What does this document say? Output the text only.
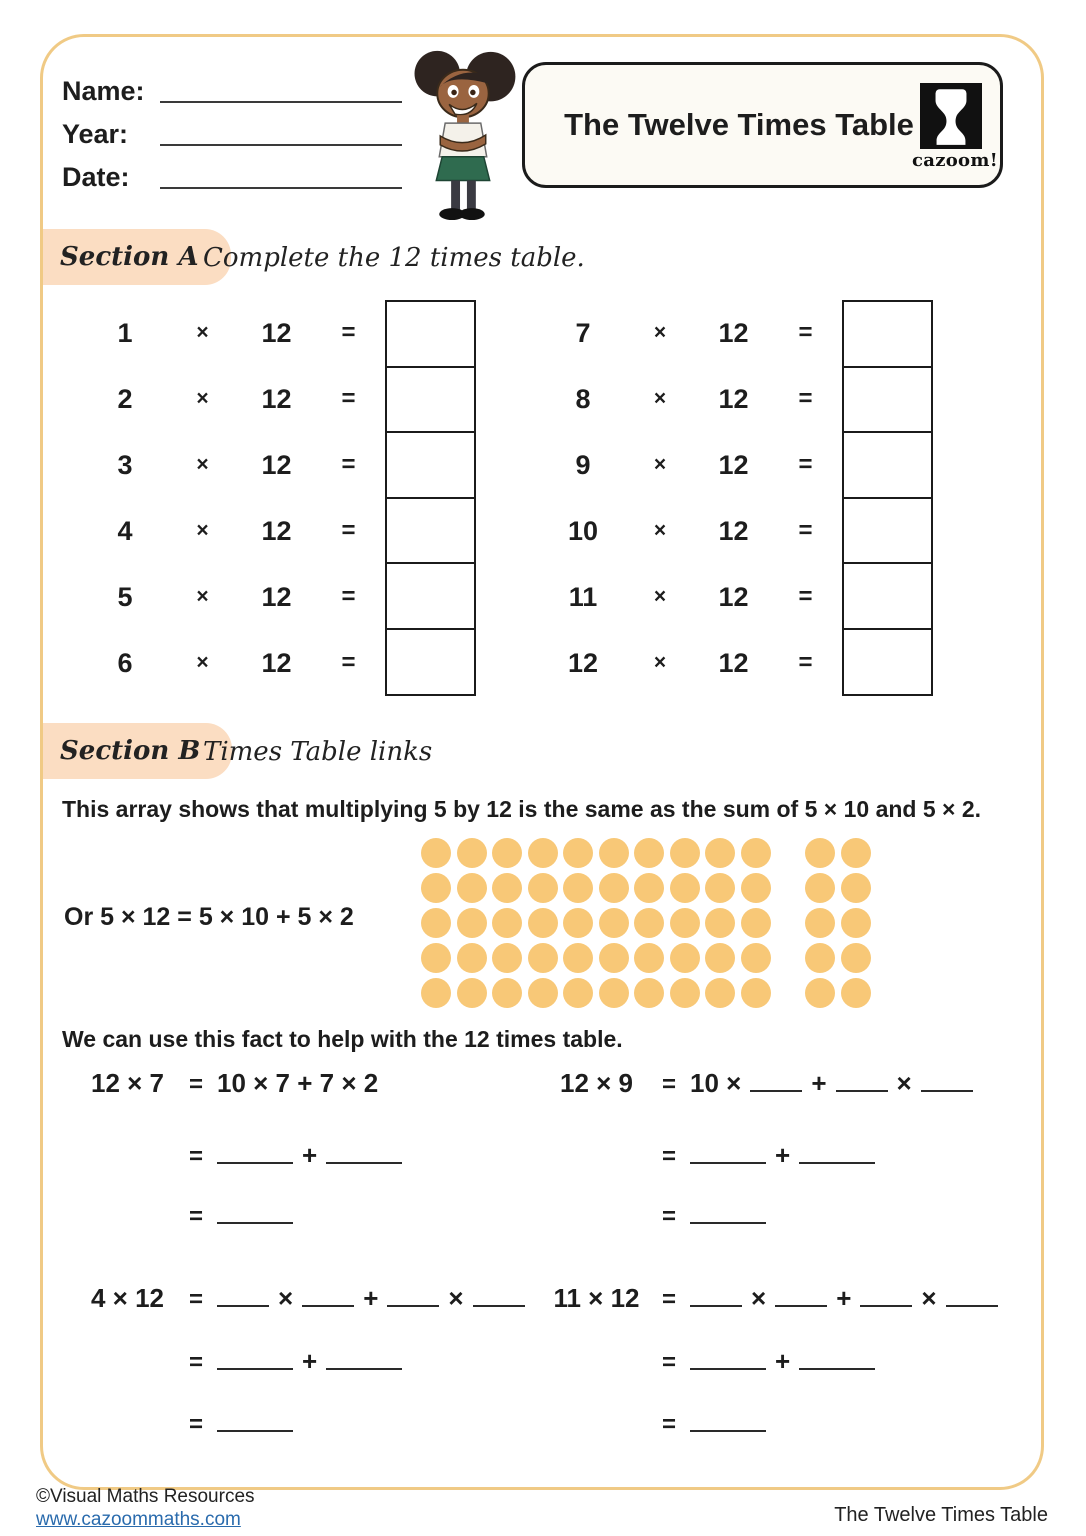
Name:
Year:
Date:
The Twelve Times Table
cazoom!
Section A Complete the 12 times table.
1	×	12	=
2	×	12	=
3	×	12	=
4	×	12	=
5	×	12	=
6	×	12	=
7	×	12	=
8	×	12	=
9	×	12	=
10	×	12	=
11	×	12	=
12	×	12	=
Section B Times Table links
This array shows that multiplying 5 by 12 is the same as the sum of 5 × 10 and 5 × 2.
Or 5 × 12 = 5 × 10 + 5 × 2
We can use this fact to help with the 12 times table.
12 × 7	= 10 × 7 + 7 × 2
=	+
=
12 × 9	= 10 ×	+	×
=	+
=
4 × 12	=	×	+	×
=	+
=
11 × 12 =	×	+	×
=	+
=
©Visual Maths Resources
www.cazoommaths.com	The Twelve Times Table
